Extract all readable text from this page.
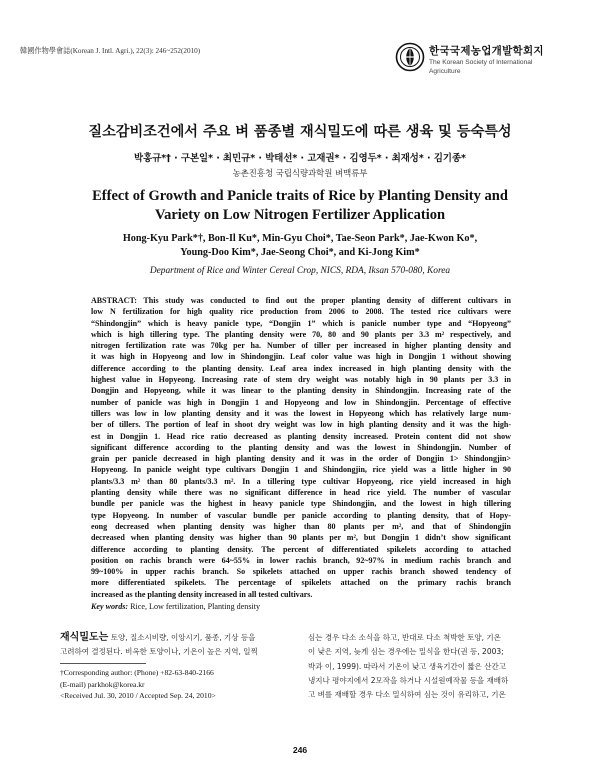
韓國作物學會誌(Korean J. Intl. Agri.), 22(3): 246~252(2010)	한국국제농업개발학회지
The Korean Society of International
Agriculture
질소감비조건에서 주요 벼 품종별 재식밀도에 따른 생육 및 등숙특성
박홍규*† · 구본일* · 최민규* · 박태선* · 고재권* · 김영두* · 최재성* · 김기종*
농촌진흥청 국립식량과학원 벼맥류부
Effect of Growth and Panicle traits of Rice by Planting Density and
Variety on Low Nitrogen Fertilizer Application
Hong-Kyu Park*†, Bon-Il Ku*, Min-Gyu Choi*, Tae-Seon Park*, Jae-Kwon Ko*,
Young-Doo Kim*, Jae-Seong Choi*, and Ki-Jong Kim*
Department of Rice and Winter Cereal Crop, NICS, RDA, Iksan 570-080, Korea
ABSTRACT: This study was conducted to find out the proper planting density of different cultivars in
low N fertilization for high quality rice production from 2006 to 2008. The tested rice cultivars were
“Shindongjin” which is heavy panicle type, “Dongjin 1” which is panicle number type and “Hopyeong”
which is high tillering type. The planting density were 70, 80 and 90 plants per 3.3 m² respectively, and
nitrogen fertilization rate was 70kg per ha. Number of tiller per increased in higher planting density and
it was high in Hopyeong and low in Shindongjin. Leaf color value was high in Dongjin 1 without showing
difference according to the planting density. Leaf area index increased in high planting density with the
highest value in Hopyeong. Increasing rate of stem dry weight was notably high in 90 plants per 3.3 in
Dongjin and Hopyeong, while it was linear to the planting density in Shindongjin. Increasing rate of the
number of panicle was high in Dongjin 1 and Hopyeong and low in Shindongjin. Percentage of effective
tillers was low in low planting density and it was the lowest in Hopyeong which has relatively large num-
ber of tillers. The portion of leaf in shoot dry weight was low in high planting density and it was the high-
est in Dongjin 1. Head rice ratio decreased as planting density increased. Protein content did not show
significant difference according to the planting density and was the lowest in Shindongjin. Number of
grain per panicle decreased in high planting density and it was in the order of Dongjin 1> Shindongjin>
Hopyeong. In panicle weight type cultivars Dongjin 1 and Shindongjin, rice yield was a little higher in 90
plants/3.3 m² than 80 plants/3.3 m². In a tillering type cultivar Hopyeong, rice yield increased in high
planting density while there was no significant difference in head rice yield. The number of vascular
bundle per panicle was the highest in heavy panicle type Shindongjin, and the lowest in high tillering
type Hopyeong. In number of vascular bundle per panicle according to planting density, that of Hopy-
eong decreased when planting density was higher than 80 plants per m², and that of Shindongjin
decreased when planting density was higher than 90 plants per m², but Dongjin 1 didn’t show significant
difference according to planting density. The percent of differentiated spikelets according to attached
position on rachis branch were 64~55% in lower rachis branch, 92~97% in medium rachis branch and
99~100% in upper rachis branch. So spikelets attached on upper rachis branch showed tendency of
more differentiated spikelets. The percentage of spikelets attached on the primary rachis branch
increased as the planting density increased in all tested cultivars.
Key words: Rice, Low fertilization, Planting density
재식밀도는 토양, 질소시비량, 이앙시기, 품종, 기상 등을
고려하여 결정된다. 비옥한 토양이나, 기온이 높은 지역, 일찍
†Corresponding author: (Phone) +82-63-840-2166
(E-mail) parkhok@korea.kr
<Received Jul. 30, 2010 / Accepted Sep. 24, 2010>
심는 경우 다소 소식을 하고, 반대로 다소 척박한 토양, 기온
이 낮은 지역, 늦게 심는 경우에는 밀식을 한다(권 등, 2003;
박과 이, 1999). 따라서 기온이 낮고 생육기간이 짧은 산간고
냉지나 평야지에서 2모작을 하거나 시설원예작물 등을 재배하
고 벼를 재배할 경우 다소 밀식하여 심는 것이 유리하고, 기온
246
